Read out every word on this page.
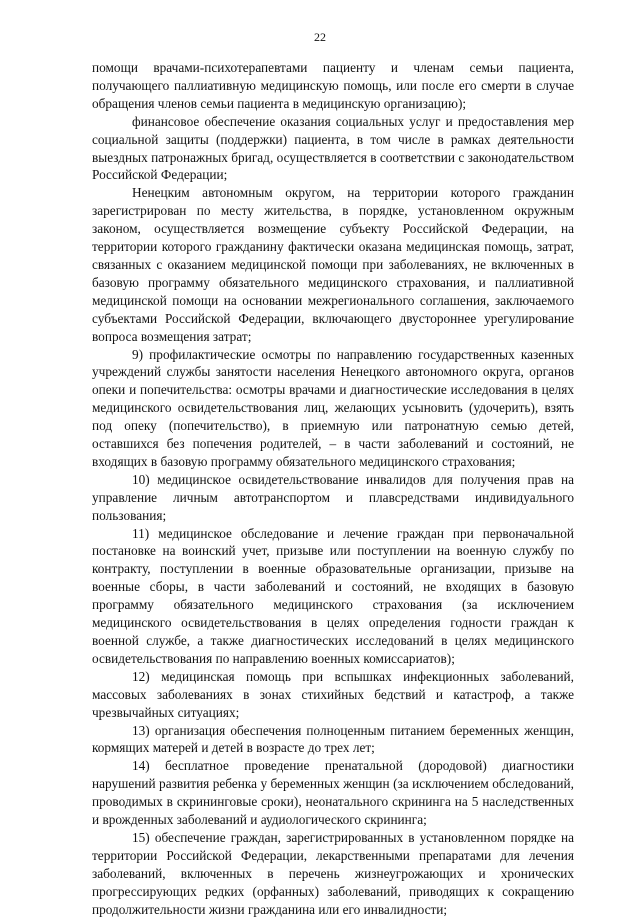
22

помощи врачами-психотерапевтами пациенту и членам семьи пациента, получающего паллиативную медицинскую помощь, или после его смерти в случае обращения членов семьи пациента в медицинскую организацию);

финансовое обеспечение оказания социальных услуг и предоставления мер социальной защиты (поддержки) пациента, в том числе в рамках деятельности выездных патронажных бригад, осуществляется в соответствии с законодательством Российской Федерации;

Ненецким автономным округом, на территории которого гражданин зарегистрирован по месту жительства, в порядке, установленном окружным законом, осуществляется возмещение субъекту Российской Федерации, на территории которого гражданину фактически оказана медицинская помощь, затрат, связанных с оказанием медицинской помощи при заболеваниях, не включенных в базовую программу обязательного медицинского страхования, и паллиативной медицинской помощи на основании межрегионального соглашения, заключаемого субъектами Российской Федерации, включающего двустороннее урегулирование вопроса возмещения затрат;

9) профилактические осмотры по направлению государственных казенных учреждений службы занятости населения Ненецкого автономного округа, органов опеки и попечительства: осмотры врачами и диагностические исследования в целях медицинского освидетельствования лиц, желающих усыновить (удочерить), взять под опеку (попечительство), в приемную или патронатную семью детей, оставшихся без попечения родителей, – в части заболеваний и состояний, не входящих в базовую программу обязательного медицинского страхования;

10) медицинское освидетельствование инвалидов для получения прав на управление личным автотранспортом и плавсредствами индивидуального пользования;

11) медицинское обследование и лечение граждан при первоначальной постановке на воинский учет, призыве или поступлении на военную службу по контракту, поступлении в военные образовательные организации, призыве на военные сборы, в части заболеваний и состояний, не входящих в базовую программу обязательного медицинского страхования (за исключением медицинского освидетельствования в целях определения годности граждан к военной службе, а также диагностических исследований в целях медицинского освидетельствования по направлению военных комиссариатов);

12) медицинская помощь при вспышках инфекционных заболеваний, массовых заболеваниях в зонах стихийных бедствий и катастроф, а также чрезвычайных ситуациях;

13) организация обеспечения полноценным питанием беременных женщин, кормящих матерей и детей в возрасте до трех лет;

14) бесплатное проведение пренатальной (дородовой) диагностики нарушений развития ребенка у беременных женщин (за исключением обследований, проводимых в скрининговые сроки), неонатального скрининга на 5 наследственных и врожденных заболеваний и аудиологического скрининга;

15) обеспечение граждан, зарегистрированных в установленном порядке на территории Российской Федерации, лекарственными препаратами для лечения заболеваний, включенных в перечень жизнеугрожающих и хронических прогрессирующих редких (орфанных) заболеваний, приводящих к сокращению продолжительности жизни гражданина или его инвалидности;
